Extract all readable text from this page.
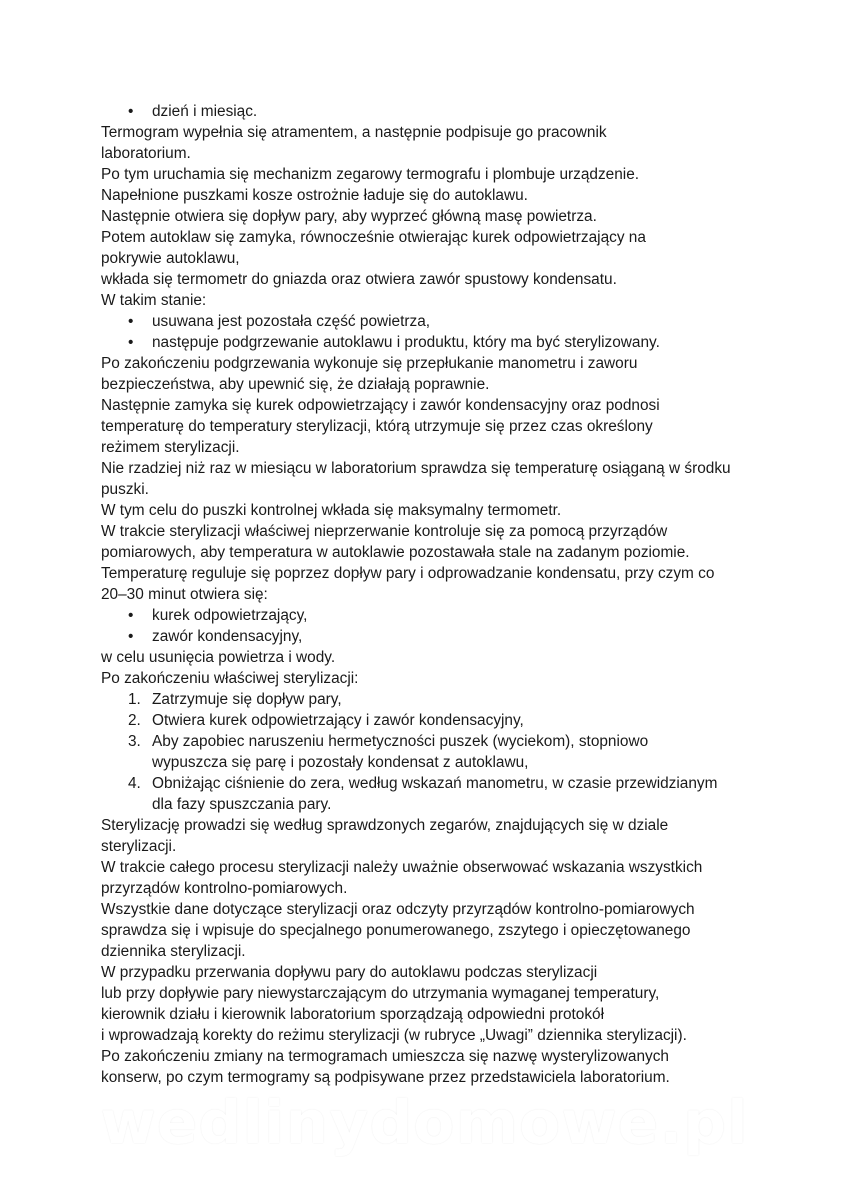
• dzień i miesiąc.

Termogram wypełnia się atramentem, a następnie podpisuje go pracownik laboratorium.

Po tym uruchamia się mechanizm zegarowy termografu i plombuje urządzenie.

Napełnione puszkami kosze ostrożnie ładuje się do autoklawu.

Następnie otwiera się dopływ pary, aby wyprzeć główną masę powietrza.

Potem autoklaw się zamyka, równocześnie otwierając kurek odpowietrzający na pokrywie autoklawu,

wkłada się termometr do gniazda oraz otwiera zawór spustowy kondensatu.

W takim stanie:

• usuwana jest pozostała część powietrza,
• następuje podgrzewanie autoklawu i produktu, który ma być sterylizowany.

Po zakończeniu podgrzewania wykonuje się przepłukanie manometru i zaworu bezpieczeństwa, aby upewnić się, że działają poprawnie.

Następnie zamyka się kurek odpowietrzający i zawór kondensacyjny oraz podnosi temperaturę do temperatury sterylizacji, którą utrzymuje się przez czas określony reżimem sterylizacji.

Nie rzadziej niż raz w miesiącu w laboratorium sprawdza się temperaturę osiąganą w środku puszki.

W tym celu do puszki kontrolnej wkłada się maksymalny termometr.

W trakcie sterylizacji właściwej nieprzerwanie kontroluje się za pomocą przyrządów pomiarowych, aby temperatura w autoklawie pozostawała stale na zadanym poziomie.

Temperaturę reguluje się poprzez dopływ pary i odprowadzanie kondensatu, przy czym co 20–30 minut otwiera się:

• kurek odpowietrzający,
• zawór kondensacyjny,

w celu usunięcia powietrza i wody.

Po zakończeniu właściwej sterylizacji:

1. Zatrzymuje się dopływ pary,
2. Otwiera kurek odpowietrzający i zawór kondensacyjny,
3. Aby zapobiec naruszeniu hermetyczności puszek (wyciekom), stopniowo wypuszcza się parę i pozostały kondensat z autoklawu,
4. Obniżając ciśnienie do zera, według wskazań manometru, w czasie przewidzianym dla fazy spuszczania pary.

Sterylizację prowadzi się według sprawdzonych zegarów, znajdujących się w dziale sterylizacji.

W trakcie całego procesu sterylizacji należy uważnie obserwować wskazania wszystkich przyrządów kontrolno-pomiarowych.

Wszystkie dane dotyczące sterylizacji oraz odczyty przyrządów kontrolno-pomiarowych sprawdza się i wpisuje do specjalnego ponumerowanego, zszytego i opieczętowanego dziennika sterylizacji.

W przypadku przerwania dopływu pary do autoklawu podczas sterylizacji

lub przy dopływie pary niewystarczającym do utrzymania wymaganej temperatury, kierownik działu i kierownik laboratorium sporządzają odpowiedni protokół

i wprowadzają korekty do reżimu sterylizacji (w rubryce „Uwagi” dziennika sterylizacji).

Po zakończeniu zmiany na termogramach umieszcza się nazwę wysterylizowanych konserw, po czym termogramy są podpisywane przez przedstawiciela laboratorium.

wedlinydomowe.pl
